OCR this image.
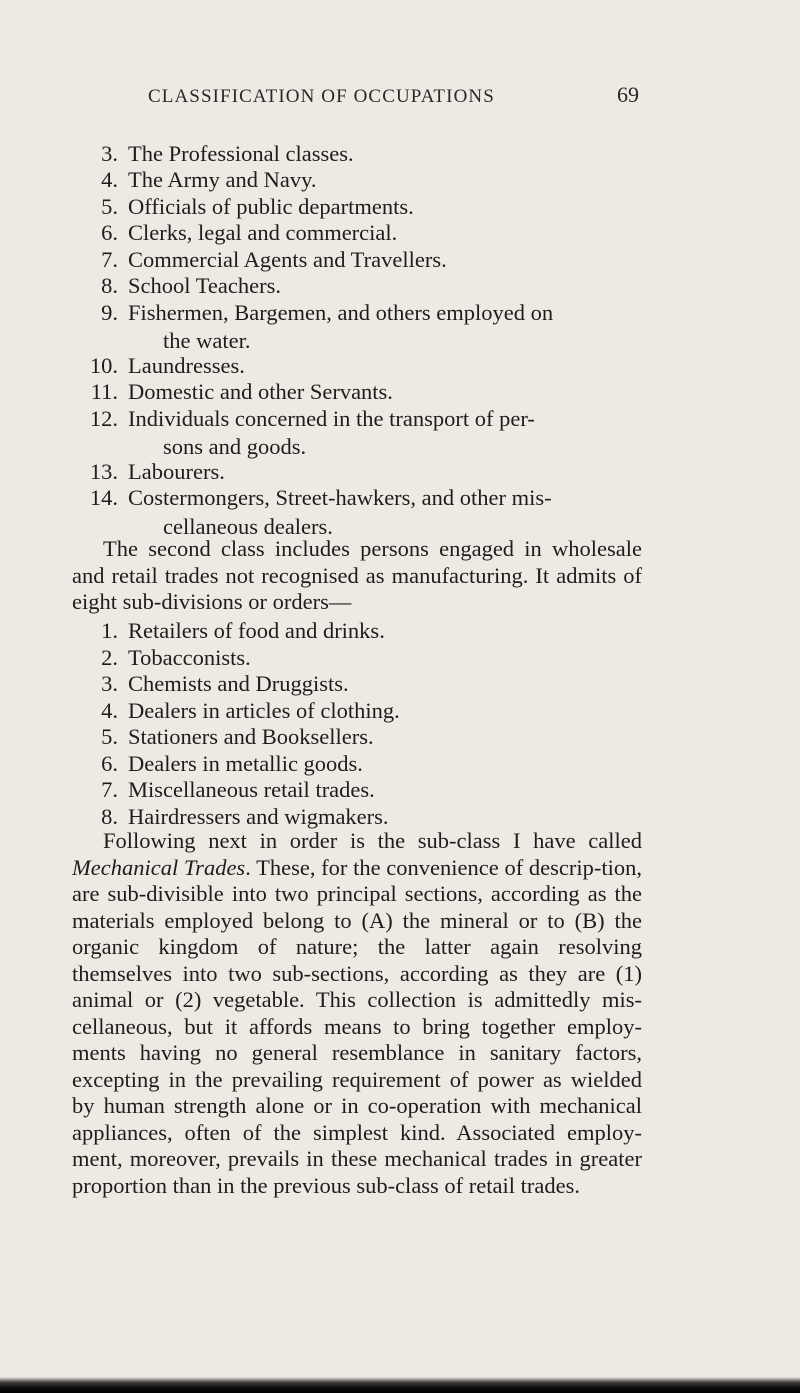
CLASSIFICATION OF OCCUPATIONS	69
3. The Professional classes.
4. The Army and Navy.
5. Officials of public departments.
6. Clerks, legal and commercial.
7. Commercial Agents and Travellers.
8. School Teachers.
9. Fishermen, Bargemen, and others employed on
the water.
10. Laundresses.
11. Domestic and other Servants.
12. Individuals concerned in the transport of per-
sons and goods.
13. Labourers.
14. Costermongers, Street-hawkers, and other mis-
cellaneous dealers.
The second class includes persons engaged in wholesale and retail trades not recognised as manufacturing. It admits of eight sub-divisions or orders—
1. Retailers of food and drinks.
2. Tobacconists.
3. Chemists and Druggists.
4. Dealers in articles of clothing.
5. Stationers and Booksellers.
6. Dealers in metallic goods.
7. Miscellaneous retail trades.
8. Hairdressers and wigmakers.
Following next in order is the sub-class I have called Mechanical Trades. These, for the convenience of descrip-tion, are sub-divisible into two principal sections, according as the materials employed belong to (A) the mineral or to (B) the organic kingdom of nature; the latter again resolving themselves into two sub-sections, according as they are (1) animal or (2) vegetable. This collection is admittedly mis-cellaneous, but it affords means to bring together employ-ments having no general resemblance in sanitary factors, excepting in the prevailing requirement of power as wielded by human strength alone or in co-operation with mechanical appliances, often of the simplest kind. Associated employ-ment, moreover, prevails in these mechanical trades in greater proportion than in the previous sub-class of retail trades.
